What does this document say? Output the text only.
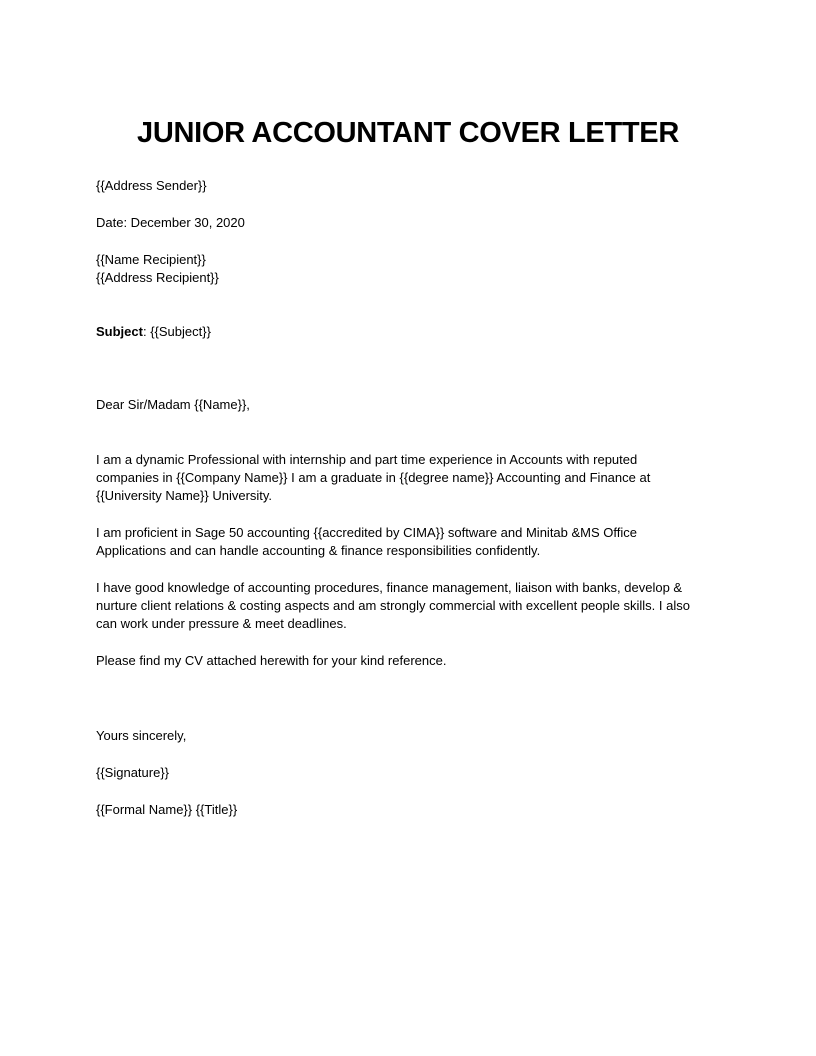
JUNIOR ACCOUNTANT COVER LETTER
{{Address Sender}}
Date: December 30, 2020
{{Name Recipient}}
{{Address Recipient}}
Subject: {{Subject}}
Dear Sir/Madam {{Name}},
I am a dynamic Professional with internship and part time experience in Accounts with reputed
companies in {{Company Name}} I am a graduate in {{degree name}} Accounting and Finance at
{{University Name}} University.
I am proficient in Sage 50 accounting {{accredited by CIMA}} software and Minitab &MS Office
Applications and can handle accounting & finance responsibilities confidently.
I have good knowledge of accounting procedures, finance management, liaison with banks, develop &
nurture client relations & costing aspects and am strongly commercial with excellent people skills. I also
can work under pressure & meet deadlines.
Please find my CV attached herewith for your kind reference.
Yours sincerely,
{{Signature}}
{{Formal Name}} {{Title}}
